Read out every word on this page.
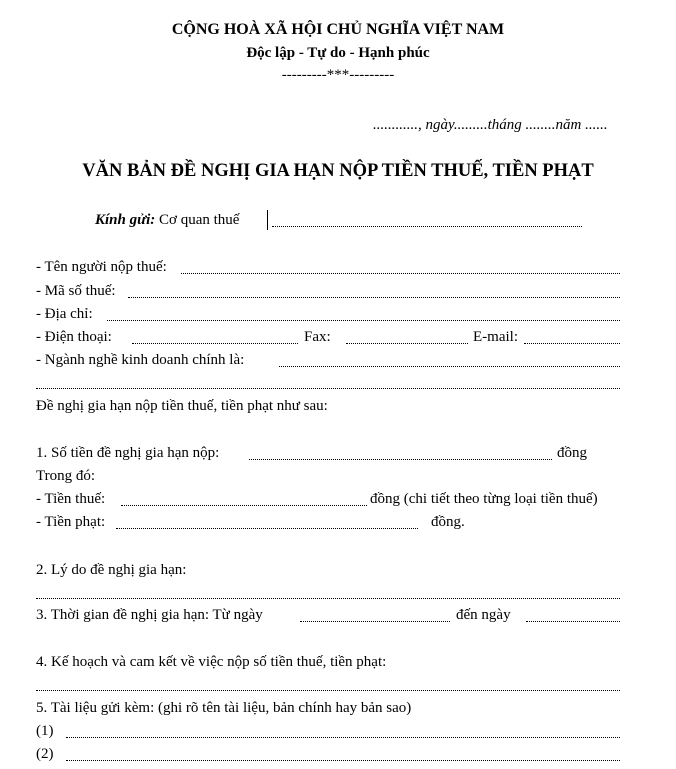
CỘNG HOÀ XÃ HỘI CHỦ NGHĨA VIỆT NAM
Độc lập - Tự do - Hạnh phúc
---------***---------
............, ngày.........tháng ........năm ......
VĂN BẢN ĐỀ NGHỊ GIA HẠN NỘP TIỀN THUẾ, TIỀN PHẠT
Kính gửi: Cơ quan thuế
- Tên người nộp thuế:
- Mã số thuế:
- Địa chỉ:
- Điện thoại:	Fax:	E-mail:
- Ngành nghề kinh doanh chính là:
Đề nghị gia hạn nộp tiền thuế, tiền phạt như sau:
1. Số tiền đề nghị gia hạn nộp:	đồng
Trong đó:
- Tiền thuế:	đồng (chi tiết theo từng loại tiền thuế)
- Tiền phạt:	đồng.
2. Lý do đề nghị gia hạn:
3. Thời gian đề nghị gia hạn: Từ ngày	đến ngày
4. Kế hoạch và cam kết về việc nộp số tiền thuế, tiền phạt:
5. Tài liệu gửi kèm: (ghi rõ tên tài liệu, bản chính hay bản sao)
(1)
(2)
